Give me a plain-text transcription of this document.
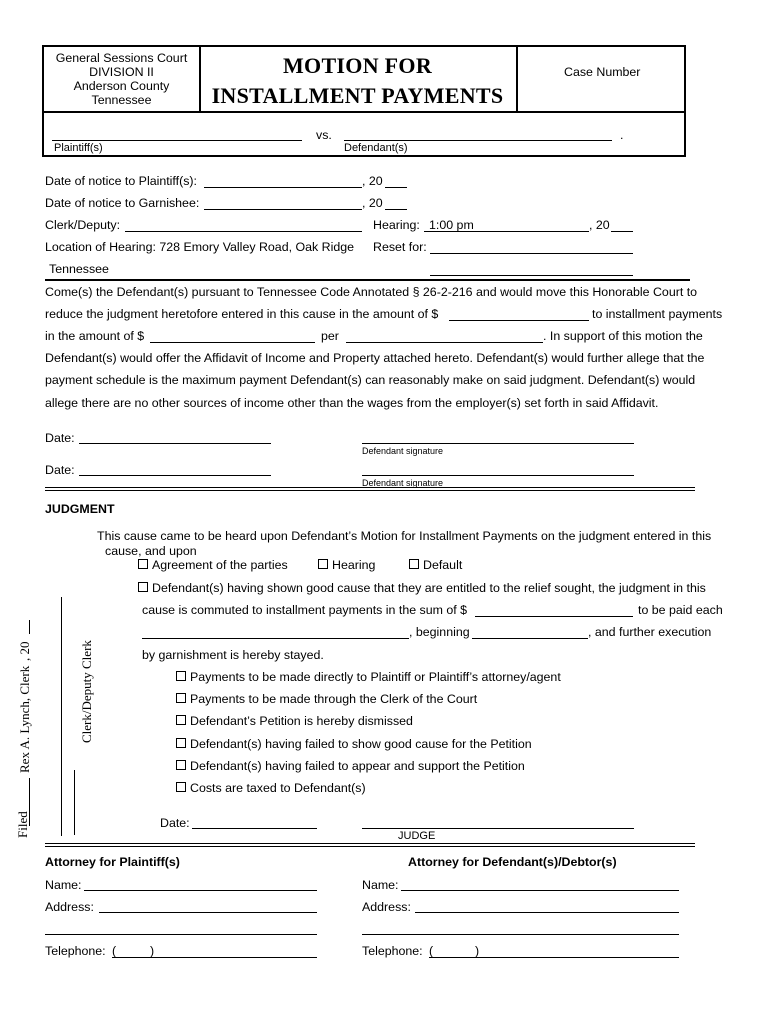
General Sessions Court
DIVISION II
Anderson County
Tennessee
MOTION FOR
INSTALLMENT PAYMENTS
Case Number
vs.	.
Plaintiff(s)	Defendant(s)
Date of notice to Plaintiff(s):	, 20
Date of notice to Garnishee:	, 20
Clerk/Deputy:	Hearing: 1:00 pm	, 20
Location of Hearing: 728 Emory Valley Road, Oak Ridge Reset for:
Tennessee
Come(s) the Defendant(s) pursuant to Tennessee Code Annotated § 26-2-216 and would move this Honorable Court to
reduce the judgment heretofore entered in this cause in the amount of $	to installment payments
in the amount of $	per	. In support of this motion the
Defendant(s) would offer the Affidavit of Income and Property attached hereto. Defendant(s) would further allege that the
payment schedule is the maximum payment Defendant(s) can reasonably make on said judgment. Defendant(s) would
allege there are no other sources of income other than the wages from the employer(s) set forth in said Affidavit.
Date:
Defendant signature
Date:
Defendant signature
JUDGMENT
This cause came to be heard upon Defendant’s Motion for Installment Payments on the judgment entered in this
cause, and upon
Agreement of the parties	Hearing	Default
Defendant(s) having shown good cause that they are entitled to the relief sought, the judgment in this
cause is commuted to installment payments in the sum of $	to be paid each
, beginning	, and further execution
by garnishment is hereby stayed.
Payments to be made directly to Plaintiff or Plaintiff’s attorney/agent
Payments to be made through the Clerk of the Court
Defendant’s Petition is hereby dismissed
Defendant(s) having failed to show good cause for the Petition
Defendant(s) having failed to appear and support the Petition
Costs are taxed to Defendant(s)
Date:
JUDGE
Filed
Rex A. Lynch, Clerk
, 20	Clerk/Deputy Clerk
Attorney for Plaintiff(s)	Attorney for Defendant(s)/Debtor(s)
Name:	Name:
Address:	Address:
Telephone: (	)	Telephone: (	)
